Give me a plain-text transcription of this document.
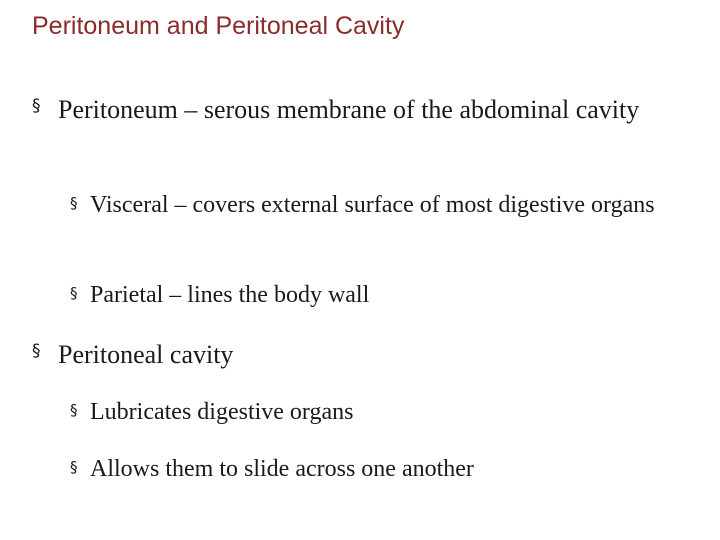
Peritoneum and Peritoneal Cavity
§ Peritoneum – serous membrane of the abdominal cavity
§ Visceral – covers external surface of most digestive organs
§ Parietal – lines the body wall
§ Peritoneal cavity
§ Lubricates digestive organs
§ Allows them to slide across one another
